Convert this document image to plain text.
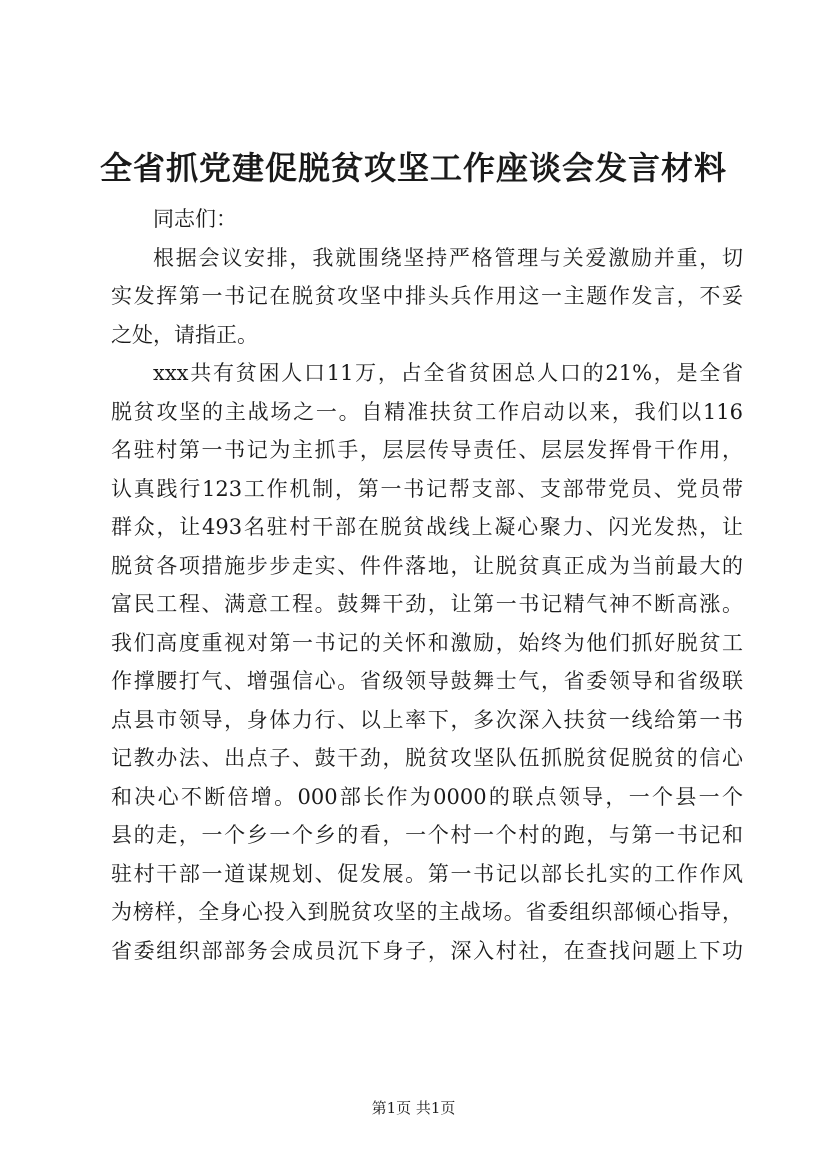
全省抓党建促脱贫攻坚工作座谈会发言材料
同志们：
根据会议安排，我就围绕坚持严格管理与关爱激励并重，切
实发挥第一书记在脱贫攻坚中排头兵作用这一主题作发言，不妥
之处，请指正。
xxx共有贫困人口11万，占全省贫困总人口的21%，是全省
脱贫攻坚的主战场之一。自精准扶贫工作启动以来，我们以116
名驻村第一书记为主抓手，层层传导责任、层层发挥骨干作用，
认真践行123工作机制，第一书记帮支部、支部带党员、党员带
群众，让493名驻村干部在脱贫战线上凝心聚力、闪光发热，让
脱贫各项措施步步走实、件件落地，让脱贫真正成为当前最大的
富民工程、满意工程。鼓舞干劲，让第一书记精气神不断高涨。
我们高度重视对第一书记的关怀和激励，始终为他们抓好脱贫工
作撑腰打气、增强信心。省级领导鼓舞士气，省委领导和省级联
点县市领导，身体力行、以上率下，多次深入扶贫一线给第一书
记教办法、出点子、鼓干劲，脱贫攻坚队伍抓脱贫促脱贫的信心
和决心不断倍增。000部长作为0000的联点领导，一个县一个
县的走，一个乡一个乡的看，一个村一个村的跑，与第一书记和
驻村干部一道谋规划、促发展。第一书记以部长扎实的工作作风
为榜样，全身心投入到脱贫攻坚的主战场。省委组织部倾心指导，
省委组织部部务会成员沉下身子，深入村社，在查找问题上下功
第1页 共1页
